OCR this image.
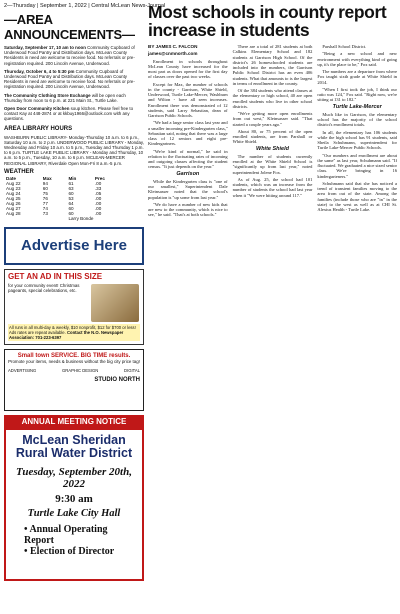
2—Thursday | September 1, 2022 | Central McLean News-Journal
—AREA ANNOUNCEMENTS—
Saturday, September 17, 10 am to noon Community Cupboard of Underwood Food Pantry and Distribution days. McLean County Residents in need are welcome to receive food. No referrals or pre-registration required. 200 Lincoln Avenue, Underwood.
Thursday, October 6, 4 to 5:30 pm Community Cupboard of Underwood Food Pantry and Distribution days. McLean County Residents in need are welcome to receive food. No referrals or pre-registration required. 200 Lincoln Avenue, Underwood.
The Community Clothing Store Exchange will be open each Thursday from noon to 6 p.m. at 221 Main St., Turtle Lake.
Open Door Community Kitchen soup kitchen. Please feel free to contact Kay at 448-2874 or at kkbuy1966@outlook.com with any questions.
AREA LIBRARY HOURS
WASHBURN PUBLIC LIBRARY- Monday-Thursday 10 a.m. to 6 p.m., Saturday 10 a.m. to 2 p.m. UNDERWOOD PUBLIC LIBRARY - Monday, Wednesday and Friday 10 a.m. to 5 p.m., Tuesday and Thursday 1 p.m. to 6 p.m. TURTLE LAKE PUBLIC LIBRARY - Monday and Thursday, 10 a.m. to 5 p.m., Tuesday, 10 a.m. to 6 p.m. MCLEAN-MERCER REGIONAL LIBRARY, Riverdale Open Mon-Fri 8 a.m.-5 p.m.
WEATHER
Date	Max	Min	Prec
Aug 22	94	61	.00
Aug 23	60	63	.33
Aug 24	75	60	.05
Aug 25	76	53	.00
Aug 26	77	64	.00
Aug 27	74	60	.00
Aug 28	73	60	.00
		Larry Bonde	
Advertise Here
GET AN AD IN THIS SIZE
for your community event! Christmas pageants, special celebrations, etc.
All runs in all multi-day & weekly, $10 nonprofit, $12 for $700 or less! Ads rates are repeat available. Contact the N.O. Newspaper Association: 701-223-6397
Small town SERVICE. BIG TIME results.
Promote your items, needs & business without the big city price tag!
ADVERTISING	GRAPHIC DESIGN	DIGITAL
STUDIO NORTH
ANNUAL MEETING NOTICE
McLean Sheridan Rural Water District
Tuesday, September 20th, 2022
9:30 am
Turtle Lake City Hall
• Annual Operating Report
• Election of Director
Most schools in county report increase in students

BY JAMES C. FALCON

james@cnmnorth.com

Enrollment in schools throughout McLean County have increased for the most part as doors opened for the first day of classes over the past two weeks.

Except for Max, the number of schools in the county - Garrison, White Shield, Underwood, Turtle Lake-Mercer, Washburn and Wilton - have all seen increases. Enrollment there was demonstrated of 12 students, said Larry Sebastian, dean of Garrison Public Schools.

"We had a large senior class last year and a smaller incoming pre-Kindergarten class," Sebastian said, noting that there was a large class of 12 seniors and eight pre-Kindergartners.

"We're kind of normal," he said in relation to the fluctuating rates of incoming and outgoing classes affecting the student census. "It just depends on the year."

Garrison

While the Kindergarten class is "one of our smallest," Superintendent Dale Kleinsasser noted that the school's population is "up some from last year."

"We do have a number of new kids that are new to the community, which is nice to see," he said. "That's at both schools."

There are a total of 281 students at both Calkins Elementary School and 182 students at Garrison High School. Of the district's 26 homeschooled students are included into the numbers, the Garrison Public School District has an even 406 students. What that amounts to is the largest in terms of enrollment in the county.

Of the 384 students who attend classes at the elementary or high school, 40 are open enrolled students who live in other school districts.

"We're getting more open enrollments from out west," Kleinsasser said. "That started a couple years ago."

About 80, or 75 percent of the open enrolled students, are from Parshall or White Shield.

White Shield

The number of students currently enrolled at the White Shield School is "significantly up from last year," noted superintendent Jolene Fox.

As of Aug. 25, the school had 101 students, which was an increase from the number of students the school had last year when it "We were hitting around 117."

Parshall School District.

"Being a new school and new environment with everything kind of going up, it's the place to be," Fox said.

The numbers are a departure from where Fox taught sixth grade at White Shield in 2014.

"When I first took the job, I think our ratio was 124," Fox said. "Right now, we're sitting at 131 to 182."

Turtle Lake-Mercer

Much like in Garrison, the elementary school has the majority of the school district's enrollment totals.

In all, the elementary has 106 students while the high school has 91 students, said Sheila Schuhmann, superintendent for Turtle Lake-Mercer Public Schools.

"Our numbers and enrollment are about the same" as last year, Schuhmann said. "If fluctuated. We graduated a nice sized senior class. We're bringing in 16 kindergarteners."

Schuhmann said that she has noticed a trend of transient families moving to the area from out of the state. Among the families (include those who are "in" in the state) to the west as well as at CHI St. Alexius Health - Turtle Lake.
